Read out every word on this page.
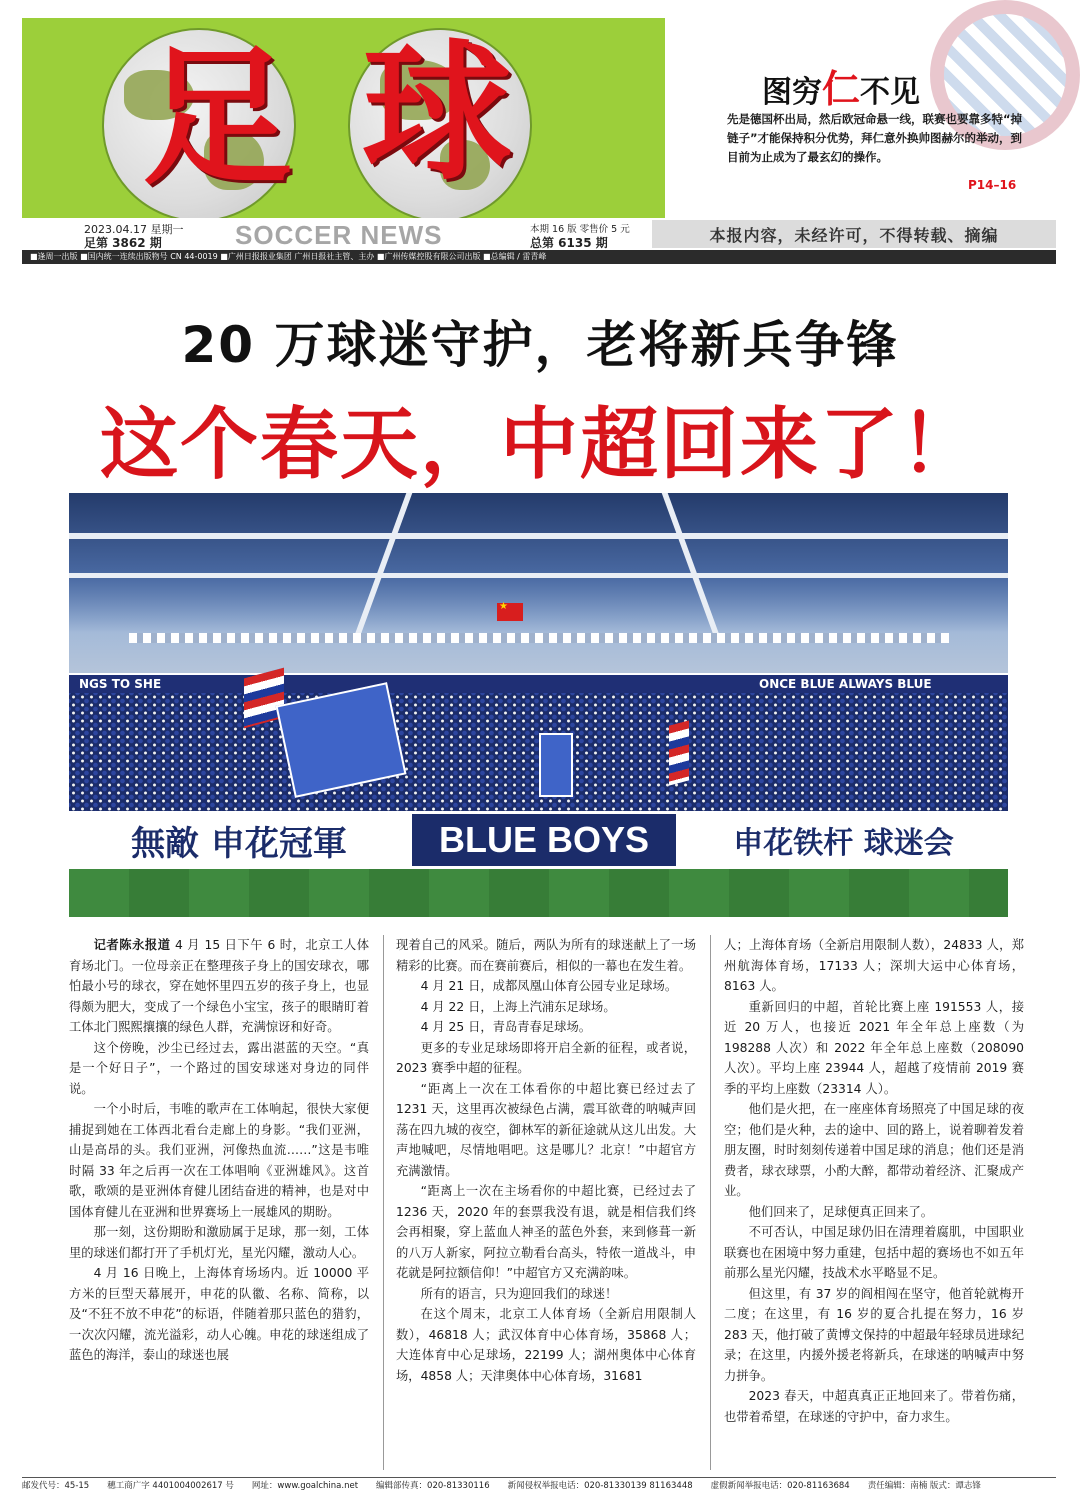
足 球
2023.04.17 星期一
足第 3862 期	SOCCER NEWS	本期 16 版 零售价 5 元
总第 6135 期	本报内容，未经许可，不得转载、摘编
■逢周一出版 ■国内统一连续出版物号 CN 44-0019 ■广州日报报业集团 广州日报社主管、主办 ■广州传媒控股有限公司出版 ■总编辑 / 雷青峰
图穷仁不见
先是德国杯出局，然后欧冠命悬一线，联赛也要靠多特“掉链子”才能保持积分优势，拜仁意外换帅图赫尔的举动，到目前为止成为了最玄幻的操作。
P14–16
20 万球迷守护，老将新兵争锋
这个春天，中超回来了！
★
NGS TO SHE	ONCE BLUE ALWAYS BLUE
無敵 申花冠軍	BLUE BOYS	申花铁杆 球迷会

记者陈永报道 4 月 15 日下午 6 时，北京工人体育场北门。一位母亲正在整理孩子身上的国安球衣，哪怕最小号的球衣，穿在她怀里四五岁的孩子身上，也显得颇为肥大，变成了一个绿色小宝宝，孩子的眼睛盯着工体北门熙熙攘攘的绿色人群，充满惊讶和好奇。

这个傍晚，沙尘已经过去，露出湛蓝的天空。“真是一个好日子”，一个路过的国安球迷对身边的同伴说。

一个小时后，韦唯的歌声在工体响起，很快大家便捕捉到她在工体西北看台走廊上的身影。“我们亚洲，山是高昂的头。我们亚洲，河像热血流……”这是韦唯时隔 33 年之后再一次在工体唱响《亚洲雄风》。这首歌，歌颂的是亚洲体育健儿团结奋进的精神，也是对中国体育健儿在亚洲和世界赛场上一展雄风的期盼。

那一刻，这份期盼和激励属于足球，那一刻，工体里的球迷们都打开了手机灯光，星光闪耀，激动人心。

4 月 16 日晚上，上海体育场场内。近 10000 平方米的巨型天幕展开，申花的队徽、名称、简称，以及“不狂不放不申花”的标语，伴随着那只蓝色的猎豹，一次次闪耀，流光溢彩，动人心魄。申花的球迷组成了蓝色的海洋，泰山的球迷也展

现着自己的风采。随后，两队为所有的球迷献上了一场精彩的比赛。而在赛前赛后，相似的一幕也在发生着。

4 月 21 日，成都凤凰山体育公园专业足球场。

4 月 22 日，上海上汽浦东足球场。

4 月 25 日，青岛青春足球场。

更多的专业足球场即将开启全新的征程，或者说，2023 赛季中超的征程。

“距离上一次在工体看你的中超比赛已经过去了 1231 天，这里再次被绿色占满，震耳欲聋的呐喊声回荡在四九城的夜空，御林军的新征途就从这儿出发。大声地喊吧，尽情地唱吧。这是哪儿？北京！”中超官方充满激情。

“距离上一次在主场看你的中超比赛，已经过去了 1236 天，2020 年的套票我没有退，就是相信我们终会再相聚，穿上蓝血人神圣的蓝色外套，来到修葺一新的八万人新家，阿拉立勒看台高头，特侬一道战斗，申花就是阿拉额信仰！”中超官方又充满韵味。

所有的语言，只为迎回我们的球迷！

在这个周末，北京工人体育场（全新启用限制人数），46818 人；武汉体育中心体育场，35868 人；大连体育中心足球场，22199 人；湖州奥体中心体育场，4858 人；天津奥体中心体育场，31681

人；上海体育场（全新启用限制人数），24833 人，郑州航海体育场，17133 人；深圳大运中心体育场，8163 人。

重新回归的中超，首轮比赛上座 191553 人，接近 20 万人，也接近 2021 年全年总上座数（为 198288 人次）和 2022 年全年总上座数（208090 人次）。平均上座 23944 人，超越了疫情前 2019 赛季的平均上座数（23314 人）。

他们是火把，在一座座体育场照亮了中国足球的夜空；他们是火种，去的途中、回的路上，说着聊着发着朋友圈，时时刻刻传递着中国足球的消息；他们还是消费者，球衣球票，小酌大醉，都带动着经济、汇聚成产业。

他们回来了，足球便真正回来了。

不可否认，中国足球仍旧在清理着腐肌，中国职业联赛也在困境中努力重建，包括中超的赛场也不如五年前那么星光闪耀，技战术水平略显不足。

但这里，有 37 岁的阎相闯在坚守，他首轮就梅开二度；在这里，有 16 岁的夏合扎提在努力，16 岁 283 天，他打破了黄博文保持的中超最年轻球员进球纪录；在这里，内援外援老将新兵，在球迷的呐喊声中努力拼争。

2023 春天，中超真真正正地回来了。带着伤痛，也带着希望，在球迷的守护中，奋力求生。

邮发代号：45-15 穗工商广字 4401004002617 号 网址：www.goalchina.net 编辑部传真：020-81330116 新闻侵权举报电话：020-81330139 81163448 虚假新闻举报电话：020-81163684 责任编辑：南楠 版式：谭志锋
